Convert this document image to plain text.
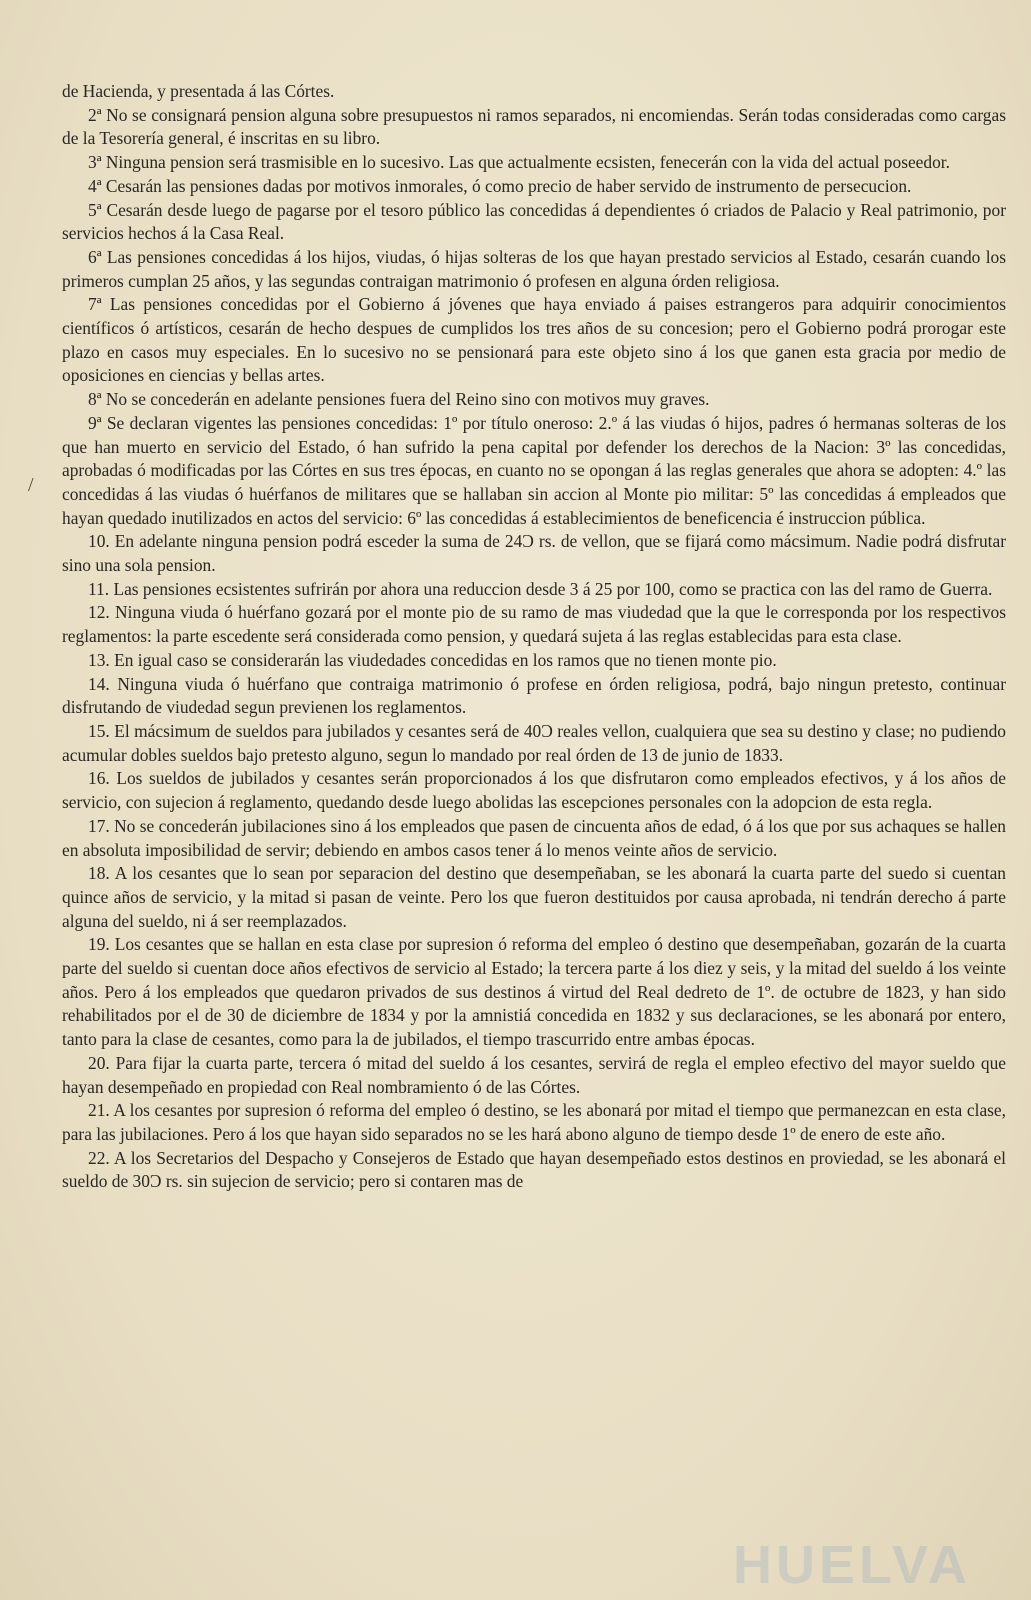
de Hacienda, y presentada á las Córtes.

2ª No se consignará pension alguna sobre presupuestos ni ramos separados, ni encomiendas. Serán todas consideradas como cargas de la Tesorería general, é inscritas en su libro.

3ª Ninguna pension será trasmisible en lo sucesivo. Las que actualmente ecsisten, fenecerán con la vida del actual poseedor.

4ª Cesarán las pensiones dadas por motivos inmorales, ó como precio de haber servido de instrumento de persecucion.

5ª Cesarán desde luego de pagarse por el tesoro público las concedidas á dependientes ó criados de Palacio y Real patrimonio, por servicios hechos á la Casa Real.

6ª Las pensiones concedidas á los hijos, viudas, ó hijas solteras de los que hayan prestado servicios al Estado, cesarán cuando los primeros cumplan 25 años, y las segundas contraigan matrimonio ó profesen en alguna órden religiosa.

7ª Las pensiones concedidas por el Gobierno á jóvenes que haya enviado á paises estrangeros para adquirir conocimientos científicos ó artísticos, cesarán de hecho despues de cumplidos los tres años de su concesion; pero el Gobierno podrá prorogar este plazo en casos muy especiales. En lo sucesivo no se pensionará para este objeto sino á los que ganen esta gracia por medio de oposiciones en ciencias y bellas artes.

8ª No se concederán en adelante pensiones fuera del Reino sino con motivos muy graves.

9ª Se declaran vigentes las pensiones concedidas: 1º por título oneroso: 2.º á las viudas ó hijos, padres ó hermanas solteras de los que han muerto en servicio del Estado, ó han sufrido la pena capital por defender los derechos de la Nacion: 3º las concedidas, aprobadas ó modificadas por las Córtes en sus tres épocas, en cuanto no se opongan á las reglas generales que ahora se adopten: 4.º las concedidas á las viudas ó huérfanos de militares que se hallaban sin accion al Monte pio militar: 5º las concedidas á empleados que hayan quedado inutilizados en actos del servicio: 6º las concedidas á establecimientos de beneficencia é instruccion pública.

10. En adelante ninguna pension podrá esceder la suma de 24Ɔ rs. de vellon, que se fijará como mácsimum. Nadie podrá disfrutar sino una sola pension.

11. Las pensiones ecsistentes sufrirán por ahora una reduccion desde 3 á 25 por 100, como se practica con las del ramo de Guerra.

12. Ninguna viuda ó huérfano gozará por el monte pio de su ramo de mas viudedad que la que le corresponda por los respectivos reglamentos: la parte escedente será considerada como pension, y quedará sujeta á las reglas establecidas para esta clase.

13. En igual caso se considerarán las viudedades concedidas en los ramos que no tienen monte pio.

14. Ninguna viuda ó huérfano que contraiga matrimonio ó profese en órden religiosa, podrá, bajo ningun pretesto, continuar disfrutando de viudedad segun previenen los reglamentos.

15. El mácsimum de sueldos para jubilados y cesantes será de 40Ɔ reales vellon, cualquiera que sea su destino y clase; no pudiendo acumular dobles sueldos bajo pretesto alguno, segun lo mandado por real órden de 13 de junio de 1833.

16. Los sueldos de jubilados y cesantes serán proporcionados á los que disfrutaron como empleados efectivos, y á los años de servicio, con sujecion á reglamento, quedando desde luego abolidas las escepciones personales con la adopcion de esta regla.

17. No se concederán jubilaciones sino á los empleados que pasen de cincuenta años de edad, ó á los que por sus achaques se hallen en absoluta imposibilidad de servir; debiendo en ambos casos tener á lo menos veinte años de servicio.

18. A los cesantes que lo sean por separacion del destino que desempeñaban, se les abonará la cuarta parte del suedo si cuentan quince años de servicio, y la mitad si pasan de veinte. Pero los que fueron destituidos por causa aprobada, ni tendrán derecho á parte alguna del sueldo, ni á ser reemplazados.

19. Los cesantes que se hallan en esta clase por supresion ó reforma del empleo ó destino que desempeñaban, gozarán de la cuarta parte del sueldo si cuentan doce años efectivos de servicio al Estado; la tercera parte á los diez y seis, y la mitad del sueldo á los veinte años. Pero á los empleados que quedaron privados de sus destinos á virtud del Real dedreto de 1º. de octubre de 1823, y han sido rehabilitados por el de 30 de diciembre de 1834 y por la amnistiá concedida en 1832 y sus declaraciones, se les abonará por entero, tanto para la clase de cesantes, como para la de jubilados, el tiempo trascurrido entre ambas épocas.

20. Para fijar la cuarta parte, tercera ó mitad del sueldo á los cesantes, servirá de regla el empleo efectivo del mayor sueldo que hayan desempeñado en propiedad con Real nombramiento ó de las Córtes.

21. A los cesantes por supresion ó reforma del empleo ó destino, se les abonará por mitad el tiempo que permanezcan en esta clase, para las jubilaciones. Pero á los que hayan sido separados no se les hará abono alguno de tiempo desde 1º de enero de este año.

22. A los Secretarios del Despacho y Consejeros de Estado que hayan desempeñado estos destinos en proviedad, se les abonará el sueldo de 30Ɔ rs. sin sujecion de servicio; pero si contaren mas de

/
HUELVA
